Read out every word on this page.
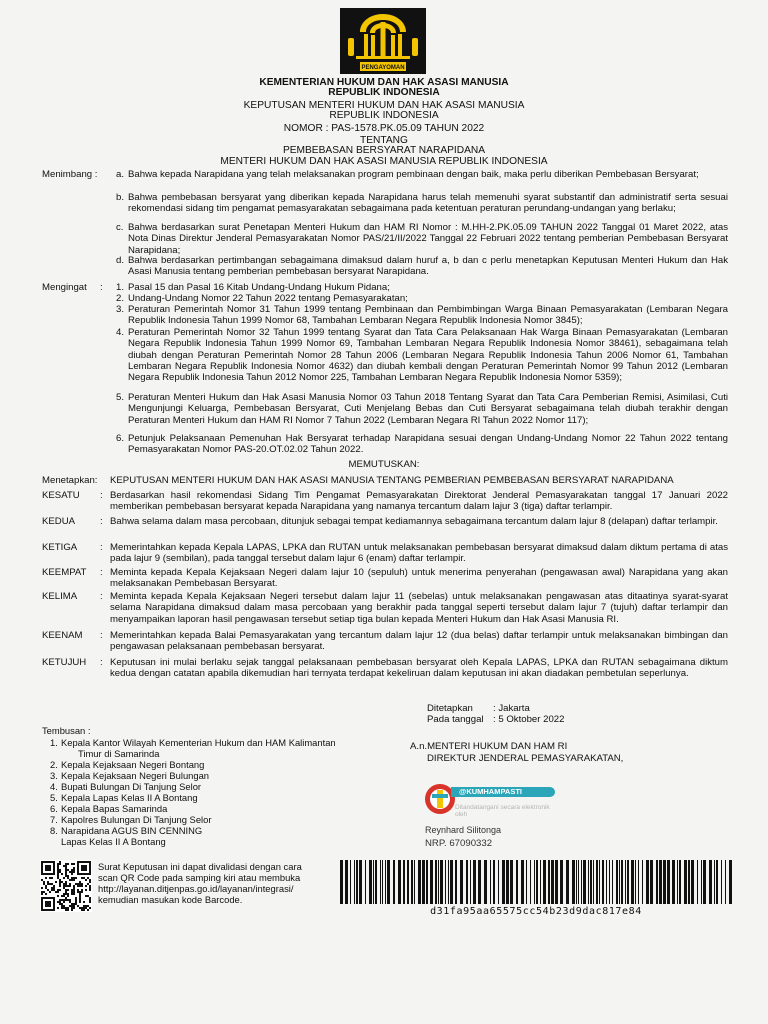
PENGAYOMAN
KEMENTERIAN HUKUM DAN HAK ASASI MANUSIA
REPUBLIK INDONESIA
KEPUTUSAN MENTERI HUKUM DAN HAK ASASI MANUSIA
REPUBLIK INDONESIA
NOMOR : PAS-1578.PK.05.09 TAHUN 2022
TENTANG
PEMBEBASAN BERSYARAT NARAPIDANA
MENTERI HUKUM DAN HAK ASASI MANUSIA REPUBLIK INDONESIA
Menimbang : a. Bahwa kepada Narapidana yang telah melaksanakan program pembinaan dengan baik, maka perlu diberikan Pembebasan Bersyarat;
b. Bahwa pembebasan bersyarat yang diberikan kepada Narapidana harus telah memenuhi syarat substantif dan administratif serta sesuai rekomendasi sidang tim pengamat pemasyarakatan sebagaimana pada ketentuan peraturan perundang-undangan yang berlaku;
c. Bahwa berdasarkan surat Penetapan Menteri Hukum dan HAM RI Nomor : M.HH-2.PK.05.09 TAHUN 2022 Tanggal 01 Maret 2022, atas Nota Dinas Direktur Jenderal Pemasyarakatan Nomor PAS/21/II/2022 Tanggal 22 Februari 2022 tentang pemberian Pembebasan Bersyarat Narapidana;
d. Bahwa berdasarkan pertimbangan sebagaimana dimaksud dalam huruf a, b dan c perlu menetapkan Keputusan Menteri Hukum dan Hak Asasi Manusia tentang pemberian pembebasan bersyarat Narapidana.
Mengingat : 1. Pasal 15 dan Pasal 16 Kitab Undang-Undang Hukum Pidana;
2. Undang-Undang Nomor 22 Tahun 2022 tentang Pemasyarakatan;
3. Peraturan Pemerintah Nomor 31 Tahun 1999 tentang Pembinaan dan Pembimbingan Warga Binaan Pemasyarakatan (Lembaran Negara Republik Indonesia Tahun 1999 Nomor 68, Tambahan Lembaran Negara Republik Indonesia Nomor 3845);
4. Peraturan Pemerintah Nomor 32 Tahun 1999 tentang Syarat dan Tata Cara Pelaksanaan Hak Warga Binaan Pemasyarakatan (Lembaran Negara Republik Indonesia Tahun 1999 Nomor 69, Tambahan Lembaran Negara Republik Indonesia Nomor 38461), sebagaimana telah diubah dengan Peraturan Pemerintah Nomor 28 Tahun 2006 (Lembaran Negara Republik Indonesia Tahun 2006 Nomor 61, Tambahan Lembaran Negara Republik Indonesia Nomor 4632) dan diubah kembali dengan Peraturan Pemerintah Nomor 99 Tahun 2012 (Lembaran Negara Republik Indonesia Tahun 2012 Nomor 225, Tambahan Lembaran Negara Republik Indonesia Nomor 5359);
5. Peraturan Menteri Hukum dan Hak Asasi Manusia Nomor 03 Tahun 2018 Tentang Syarat dan Tata Cara Pemberian Remisi, Asimilasi, Cuti Mengunjungi Keluarga, Pembebasan Bersyarat, Cuti Menjelang Bebas dan Cuti Bersyarat sebagaimana telah diubah terakhir dengan Peraturan Menteri Hukum dan HAM RI Nomor 7 Tahun 2022 (Lembaran Negara RI Tahun 2022 Nomor 117);
6. Petunjuk Pelaksanaan Pemenuhan Hak Bersyarat terhadap Narapidana sesuai dengan Undang-Undang Nomor 22 Tahun 2022 tentang Pemasyarakatan Nomor PAS-20.OT.02.02 Tahun 2022.
MEMUTUSKAN:
Menetapkan: KEPUTUSAN MENTERI HUKUM DAN HAK ASASI MANUSIA TENTANG PEMBERIAN PEMBEBASAN BERSYARAT NARAPIDANA
KESATU : Berdasarkan hasil rekomendasi Sidang Tim Pengamat Pemasyarakatan Direktorat Jenderal Pemasyarakatan tanggal 17 Januari 2022 memberikan pembebasan bersyarat kepada Narapidana yang namanya tercantum dalam lajur 3 (tiga) daftar terlampir.
KEDUA	: Bahwa selama dalam masa percobaan, ditunjuk sebagai tempat kediamannya sebagaimana tercantum dalam lajur 8 (delapan) daftar terlampir.
KETIGA : Memerintahkan kepada Kepala LAPAS, LPKA dan RUTAN untuk melaksanakan pembebasan bersyarat dimaksud dalam diktum pertama di atas pada lajur 9 (sembilan), pada tanggal tersebut dalam lajur 6 (enam) daftar terlampir.
KEEMPAT : Meminta kepada Kepala Kejaksaan Negeri dalam lajur 10 (sepuluh) untuk menerima penyerahan (pengawasan awal) Narapidana yang akan melaksanakan Pembebasan Bersyarat.
KELIMA : Meminta kepada Kepala Kejaksaan Negeri tersebut dalam lajur 11 (sebelas) untuk melaksanakan pengawasan atas ditaatinya syarat-syarat selama Narapidana dimaksud dalam masa percobaan yang berakhir pada tanggal seperti tersebut dalam lajur 7 (tujuh) daftar terlampir dan menyampaikan laporan hasil pengawasan tersebut setiap tiga bulan kepada Menteri Hukum dan Hak Asasi Manusia RI.
KEENAM : Memerintahkan kepada Balai Pemasyarakatan yang tercantum dalam lajur 12 (dua belas) daftar terlampir untuk melaksanakan bimbingan dan pengawasan pelaksanaan pembebasan bersyarat.
KETUJUH : Keputusan ini mulai berlaku sejak tanggal pelaksanaan pembebasan bersyarat oleh Kepala LAPAS, LPKA dan RUTAN sebagaimana diktum kedua dengan catatan apabila dikemudian hari ternyata terdapat kekeliruan dalam keputusan ini akan diadakan pembetulan seperlunya.
Ditetapkan : Jakarta
Pada tanggal : 5 Oktober 2022
A.n.MENTERI HUKUM DAN HAM RI
DIREKTUR JENDERAL PEMASYARAKATAN,
@KUMHAMPASTI
Ditandatangani secara elektronik oleh
Reynhard Silitonga
NRP. 67090332
Tembusan :
1. Kepala Kantor Wilayah Kementerian Hukum dan HAM Kalimantan
Timur di Samarinda
2. Kepala Kejaksaan Negeri Bontang
3. Kepala Kejaksaan Negeri Bulungan
4. Bupati Bulungan Di Tanjung Selor
5. Kepala Lapas Kelas II A Bontang
6. Kepala Bapas Samarinda
7. Kapolres Bulungan Di Tanjung Selor
8. Narapidana AGUS BIN CENNING
Lapas Kelas II A Bontang
Surat Keputusan ini dapat divalidasi dengan cara
scan QR Code pada samping kiri atau membuka
http://layanan.ditjenpas.go.id/layanan/integrasi/
kemudian masukan kode Barcode.
d31fa95aa65575cc54b23d9dac817e84
